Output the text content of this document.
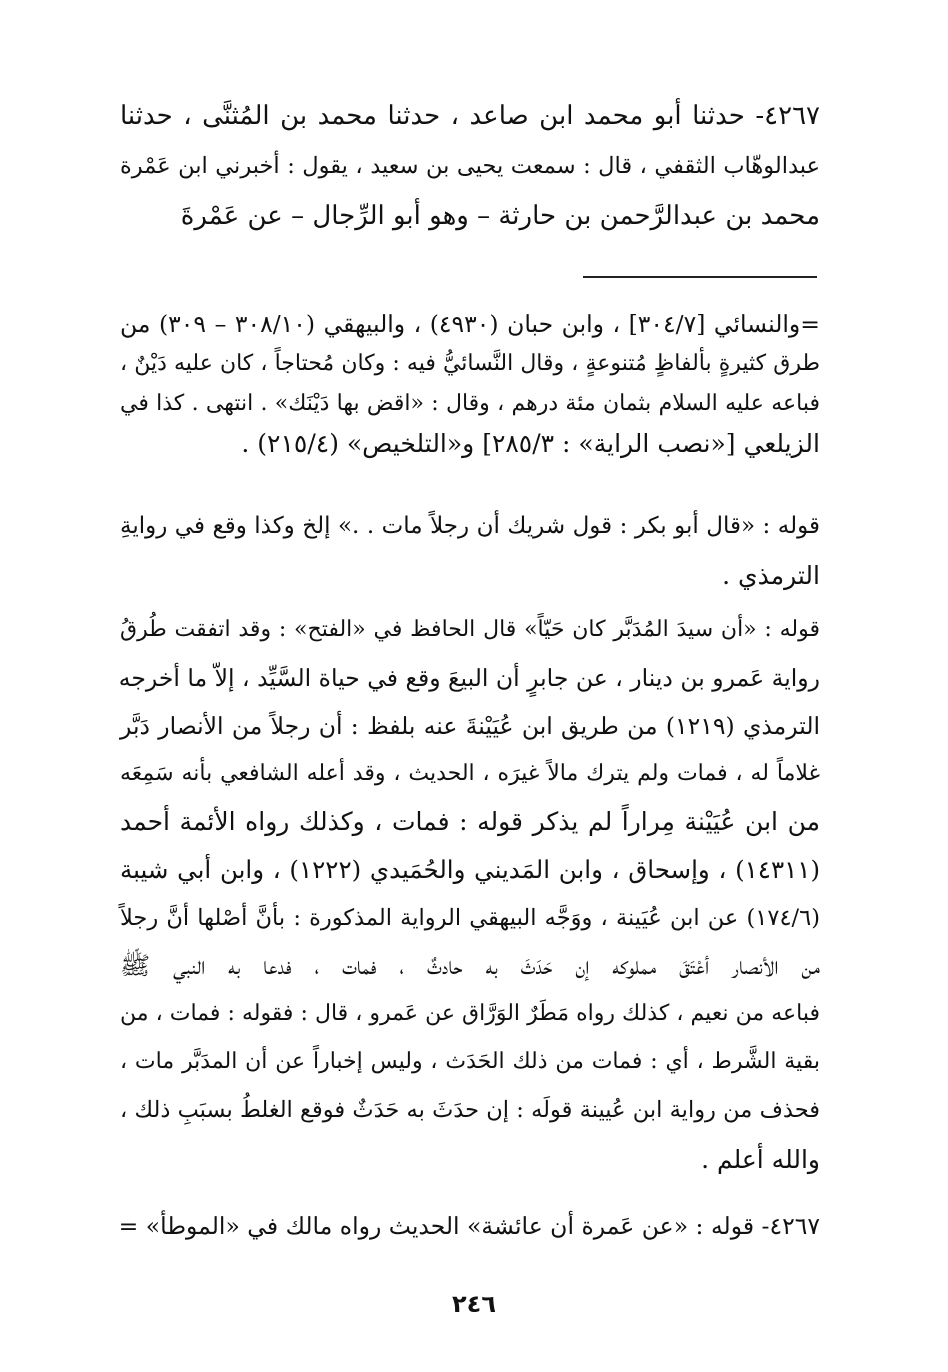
٤٢٦٧- حدثنا أبو محمد ابن صاعد ، حدثنا محمد بن المُثنَّى ، حدثنا
عبدالوهّاب الثقفي ، قال : سمعت يحيى بن سعيد ، يقول : أخبرني ابن عَمْرة
محمد بن عبدالرَّحمن بن حارثة – وهو أبو الرِّجال – عن عَمْرةَ
=والنسائي [٣٠٤/٧] ، وابن حبان (٤٩٣٠) ، والبيهقي (٣٠٨/١٠ – ٣٠٩) من
طرق كثيرةٍ بألفاظٍ مُتنوعةٍ ، وقال النَّسائيُّ فيه : وكان مُحتاجاً ، كان عليه دَيْنٌ ،
فباعه عليه السلام بثمان مئة درهم ، وقال : «اقض بها دَيْنَك» . انتهى . كذا في
الزيلعي [«نصب الراية» : ٢٨٥/٣] و«التلخيص» (٢١٥/٤) .
قوله : «قال أبو بكر : قول شريك أن رجلاً مات . .» إلخ وكذا وقع في روايةِ
الترمذي .
قوله : «أن سيدَ المُدَبَّر كان حَيّاً» قال الحافظ في «الفتح» : وقد اتفقت طُرقُ
رواية عَمرو بن دينار ، عن جابرٍ أن البيعَ وقع في حياة السَّيِّد ، إلاّ ما أخرجه
الترمذي (١٢١٩) من طريق ابن عُيَيْنةَ عنه بلفظ : أن رجلاً من الأنصار دَبَّر
غلاماً له ، فمات ولم يترك مالاً غيرَه ، الحديث ، وقد أعله الشافعي بأنه سَمِعَه
من ابن عُيَيْنة مِراراً لم يذكر قوله : فمات ، وكذلك رواه الأئمة أحمد
(١٤٣١١) ، وإسحاق ، وابن المَديني والحُمَيدي (١٢٢٢) ، وابن أبي شيبة
(١٧٤/٦) عن ابن عُيَينة ، ووَجَّه البيهقي الرواية المذكورة : بأنَّ أصْلها أنَّ رجلاً
من الأنصار أعْتَقَ مملوكه إن حَدَثَ به حادثٌ ، فمات ، فدعا به النبي ﷺ
فباعه من نعيم ، كذلك رواه مَطَرٌ الوَرَّاق عن عَمرو ، قال : فقوله : فمات ، من
بقية الشَّرط ، أي : فمات من ذلك الحَدَث ، وليس إخباراً عن أن المدَبَّر مات ،
فحذف من رواية ابن عُيينة قولَه : إن حدَثَ به حَدَثٌ فوقع الغلطُ بسبَبِ ذلك ،
والله أعلم .
٤٢٦٧- قوله : «عن عَمرة أن عائشة» الحديث رواه مالك في «الموطأ» =
٢٤٦
